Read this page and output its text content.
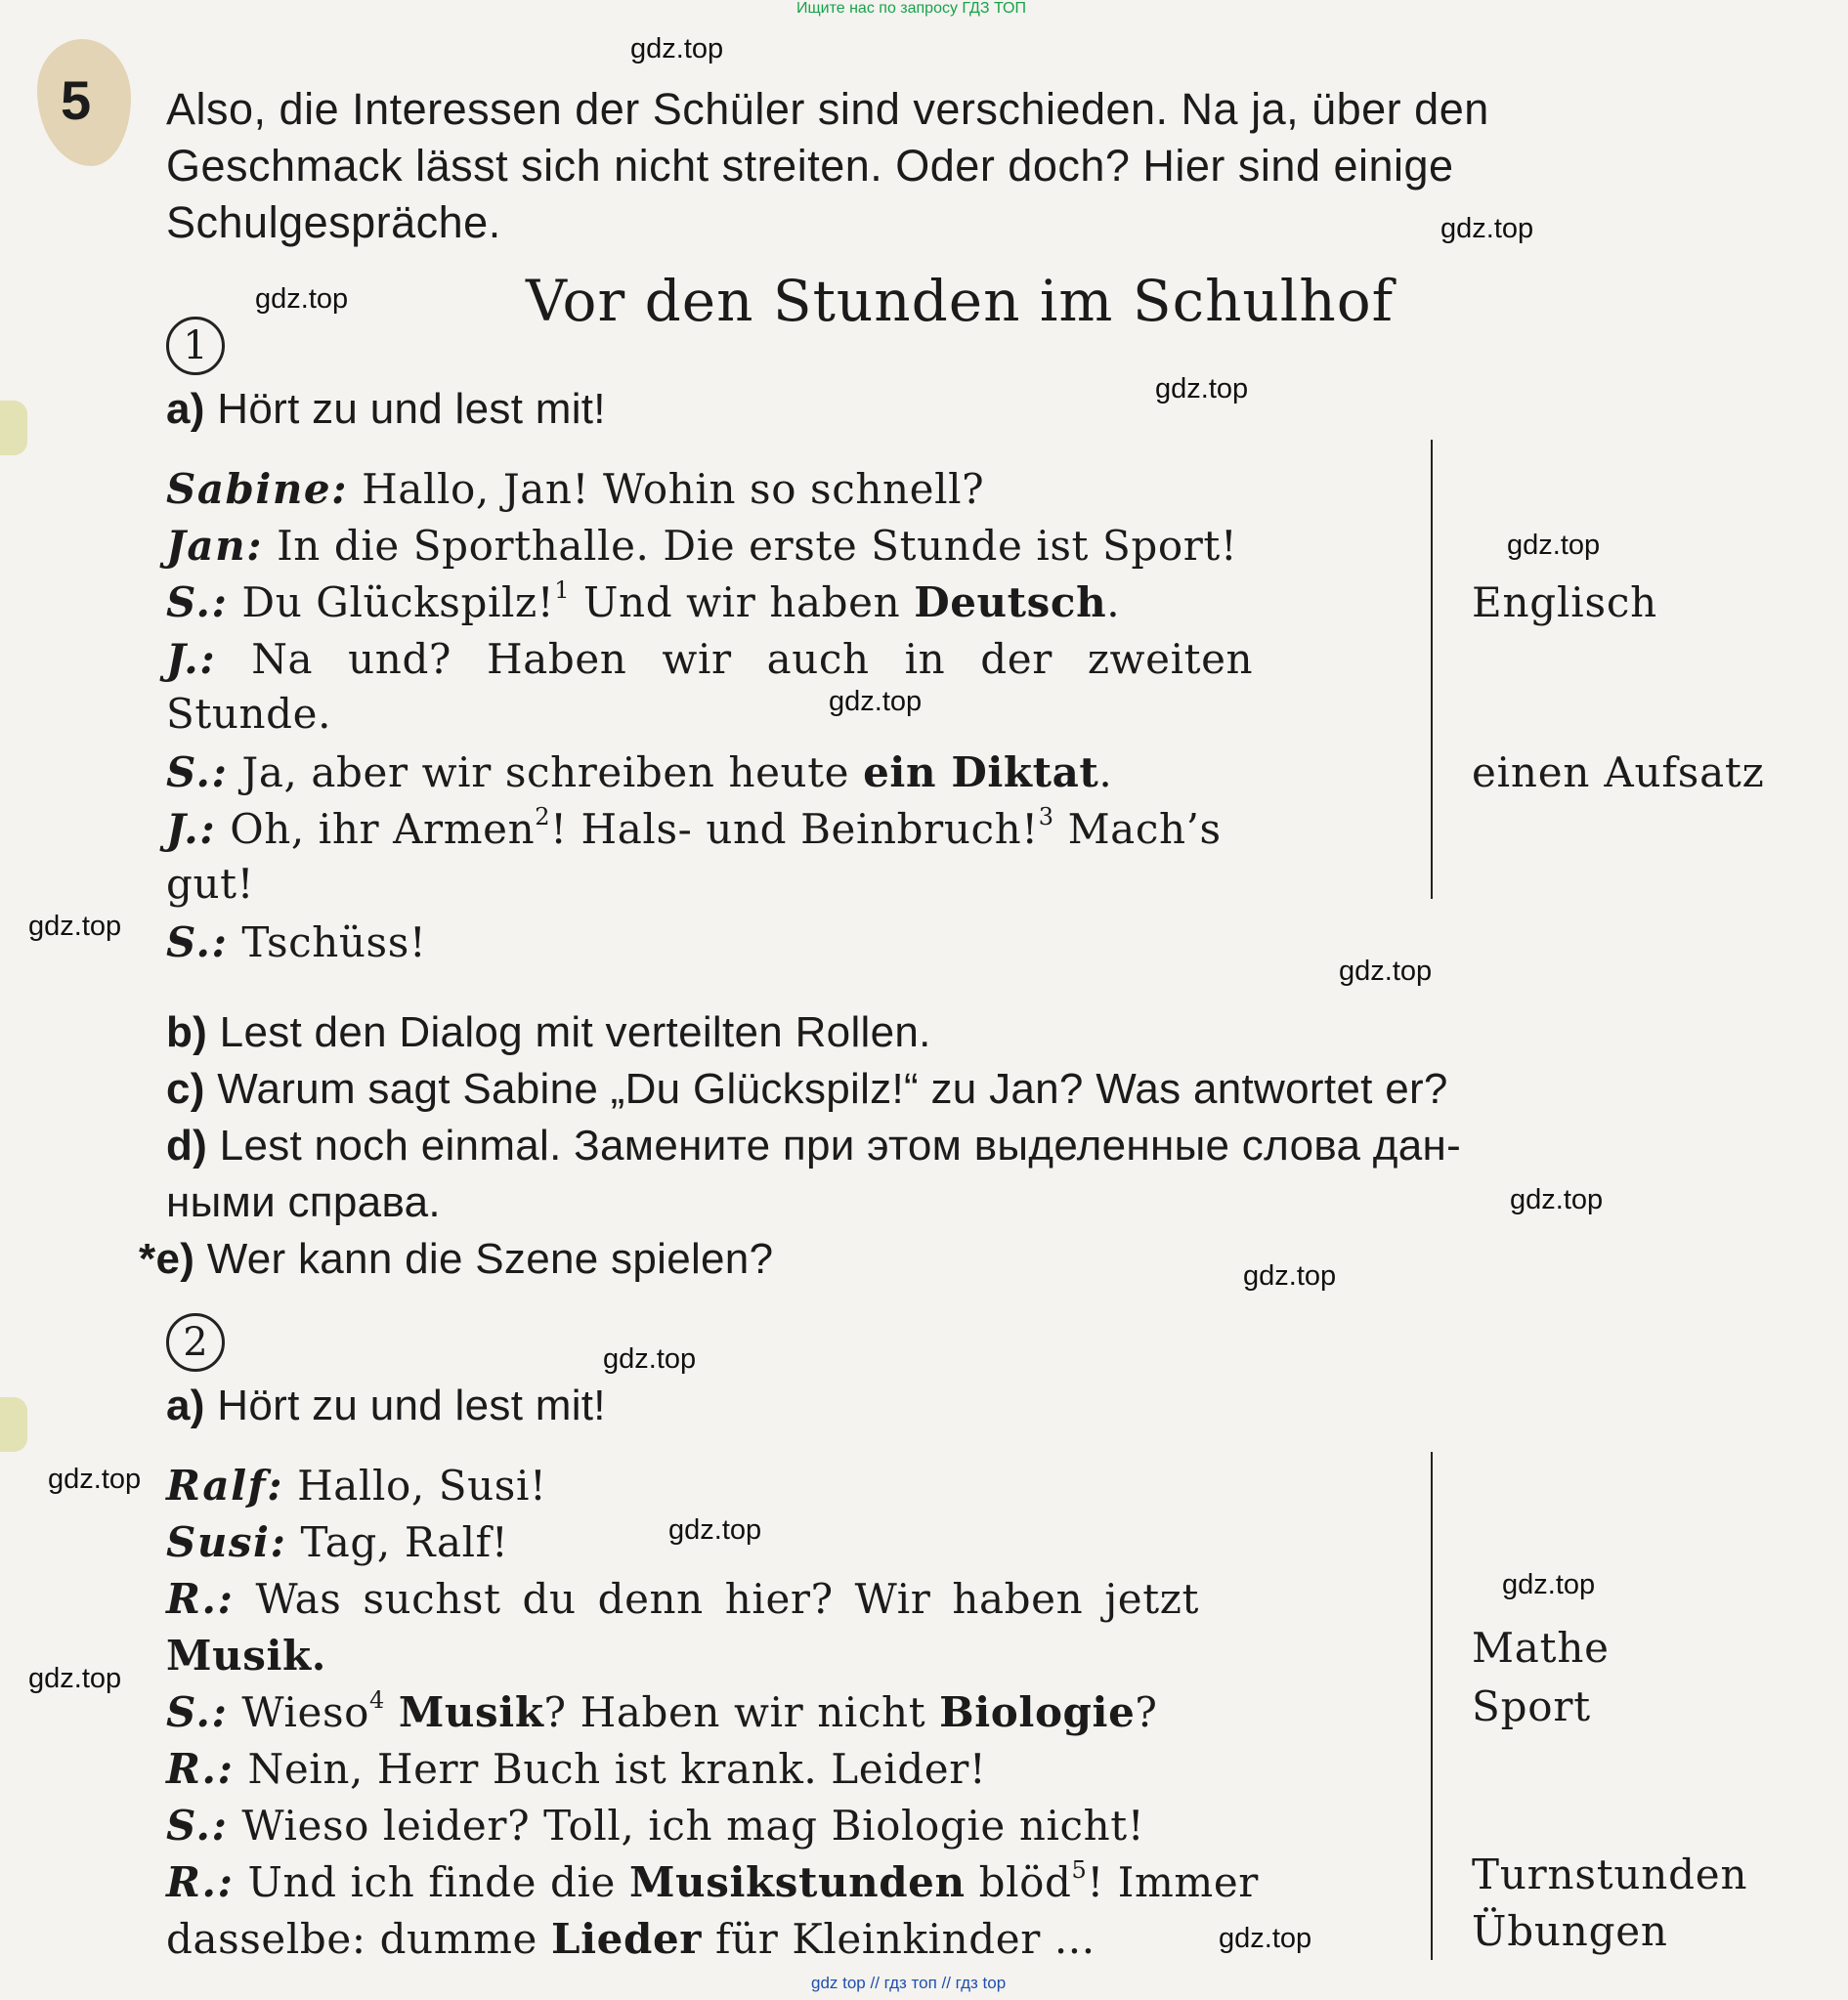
Ищите нас по запросу ГДЗ ТОП
gdz.top
gdz.top
gdz.top
gdz.top
gdz.top
gdz.top
gdz.top
gdz.top
gdz.top
gdz.top
gdz.top
gdz.top
gdz.top
gdz.top
gdz.top
gdz.top
5 Also, die Interessen der Schüler sind verschieden. Na ja, über den
Geschmack lässt sich nicht streiten. Oder doch? Hier sind einige
Schulgespräche.
Vor den Stunden im Schulhof
1
a) Hört zu und lest mit!
Sabine: Hallo, Jan! Wohin so schnell?
Jan: In die Sporthalle. Die erste Stunde ist Sport!
S.: Du Glückspilz!$^1$ Und wir haben Deutsch.
J.: Na und? Haben wir auch in der zweiten
Stunde.
S.: Ja, aber wir schreiben heute ein Diktat.
J.: Oh, ihr Armen$^2$! Hals- und Beinbruch!$^3$ Mach’s
gut!
S.: Tschüss!
Englisch
einen Aufsatz
b) Lest den Dialog mit verteilten Rollen.
c) Warum sagt Sabine „Du Glückspilz!“ zu Jan? Was antwortet er?
d) Lest noch einmal. Замените при этом выделенные слова дан-
ными справа.
*e) Wer kann die Szene spielen?
2
a) Hört zu und lest mit!
Ralf: Hallo, Susi!
Susi: Tag, Ralf!
R.: Was suchst du denn hier? Wir haben jetzt
Musik.
S.: Wieso$^4$ Musik? Haben wir nicht Biologie?
R.: Nein, Herr Buch ist krank. Leider!
S.: Wieso leider? Toll, ich mag Biologie nicht!
R.: Und ich finde die Musikstunden blöd$^5$! Immer
dasselbe: dumme Lieder für Kleinkinder ...
Mathe
Sport
Turnstunden
Übungen
gdz top // гдз топ // гдз top
